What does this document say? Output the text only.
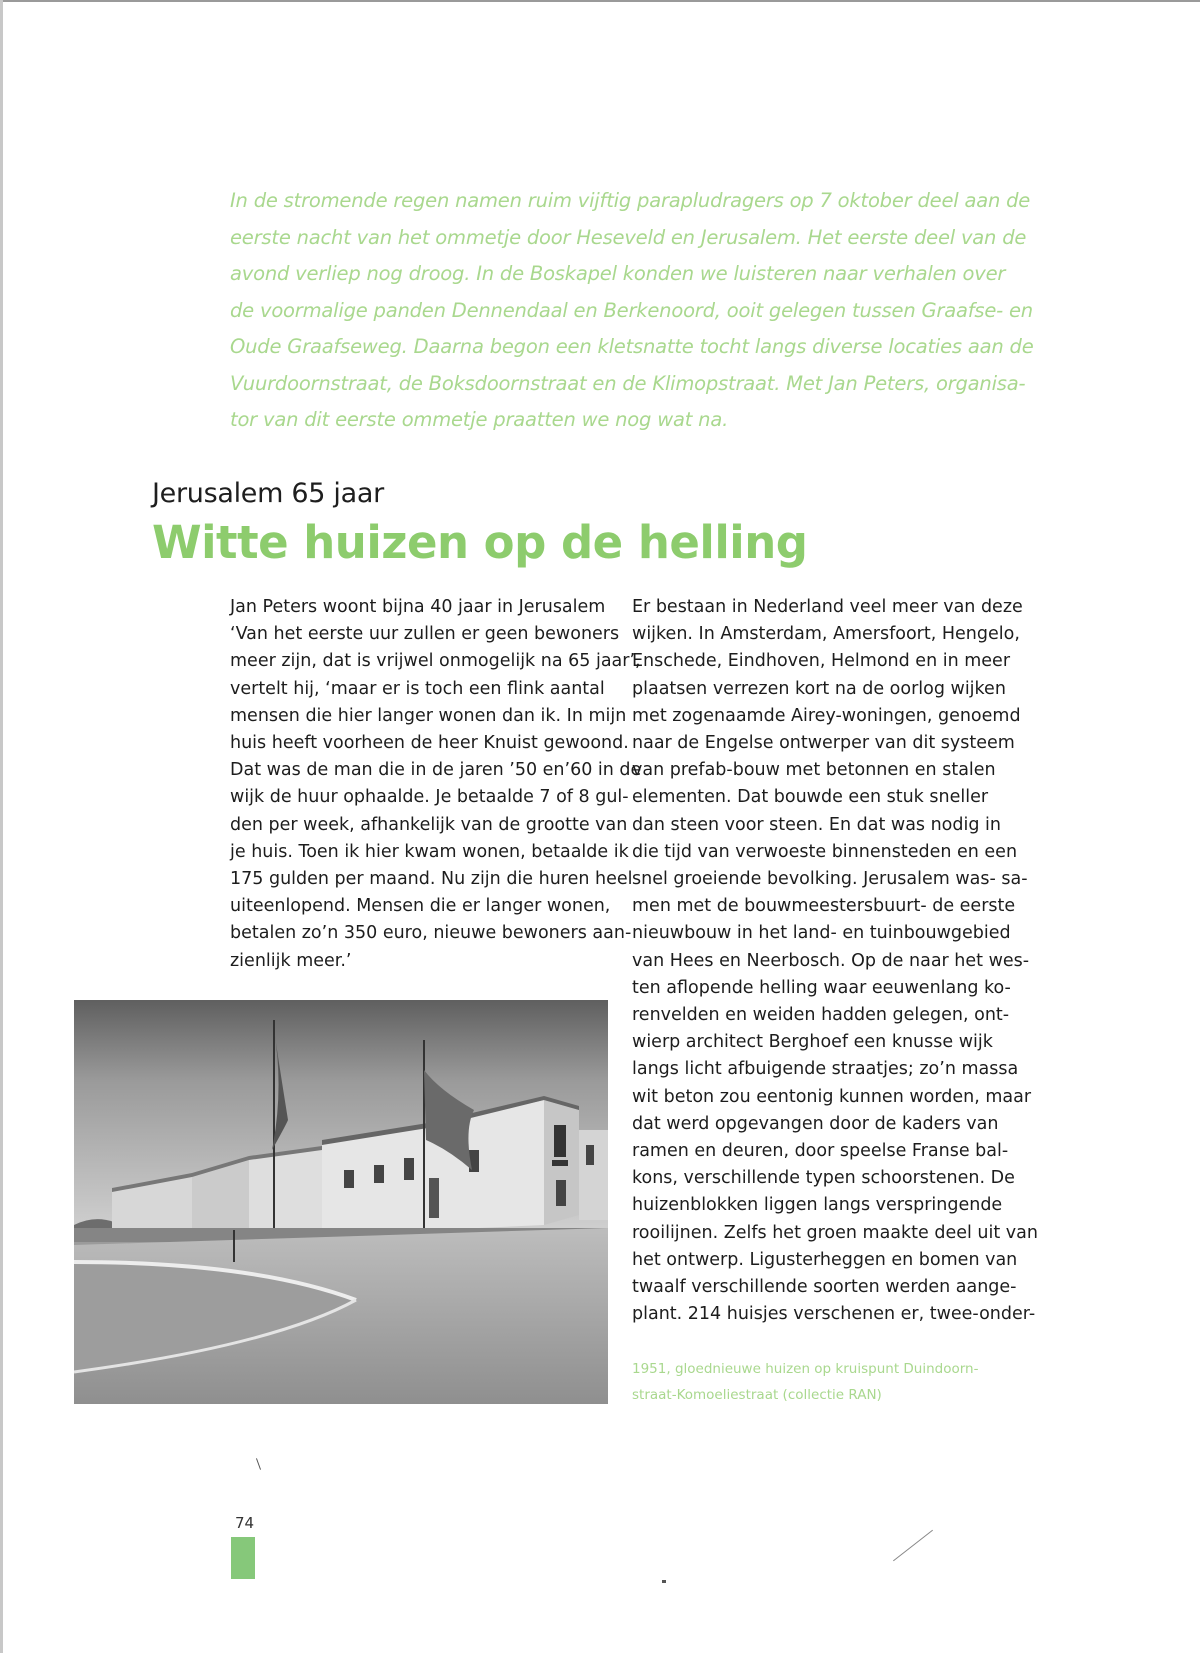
In de stromende regen namen ruim vijftig parapludragers op 7 oktober deel aan de
eerste nacht van het ommetje door Heseveld en Jerusalem. Het eerste deel van de
avond verliep nog droog. In de Boskapel konden we luisteren naar verhalen over
de voormalige panden Dennendaal en Berkenoord, ooit gelegen tussen Graafse- en
Oude Graafseweg. Daarna begon een kletsnatte tocht langs diverse locaties aan de
Vuurdoornstraat, de Boksdoornstraat en de Klimopstraat. Met Jan Peters, organisa-
tor van dit eerste ommetje praatten we nog wat na.
Jerusalem 65 jaar
Witte huizen op de helling
Jan Peters woont bijna 40 jaar in Jerusalem
‘Van het eerste uur zullen er geen bewoners
meer zijn, dat is vrijwel onmogelijk na 65 jaar’,
vertelt hij, ‘maar er is toch een flink aantal
mensen die hier langer wonen dan ik. In mijn
huis heeft voorheen de heer Knuist gewoond.
Dat was de man die in de jaren ’50 en’60 in de
wijk de huur ophaalde. Je betaalde 7 of 8 gul-
den per week, afhankelijk van de grootte van
je huis. Toen ik hier kwam wonen, betaalde ik
175 gulden per maand. Nu zijn die huren heel
uiteenlopend. Mensen die er langer wonen,
betalen zo’n 350 euro, nieuwe bewoners aan-
zienlijk meer.’
Er bestaan in Nederland veel meer van deze
wijken. In Amsterdam, Amersfoort, Hengelo,
Enschede, Eindhoven, Helmond en in meer
plaatsen verrezen kort na de oorlog wijken
met zogenaamde Airey-woningen, genoemd
naar de Engelse ontwerper van dit systeem
van prefab-bouw met betonnen en stalen
elementen. Dat bouwde een stuk sneller
dan steen voor steen. En dat was nodig in
die tijd van verwoeste binnensteden en een
snel groeiende bevolking. Jerusalem was- sa-
men met de bouwmeestersbuurt- de eerste
nieuwbouw in het land- en tuinbouwgebied
van Hees en Neerbosch. Op de naar het wes-
ten aflopende helling waar eeuwenlang ko-
renvelden en weiden hadden gelegen, ont-
wierp architect Berghoef een knusse wijk
langs licht afbuigende straatjes; zo’n massa
wit beton zou eentonig kunnen worden, maar
dat werd opgevangen door de kaders van
ramen en deuren, door speelse Franse bal-
kons, verschillende typen schoorstenen. De
huizenblokken liggen langs verspringende
rooilijnen. Zelfs het groen maakte deel uit van
het ontwerp. Ligusterheggen en bomen van
twaalf verschillende soorten werden aange-
plant. 214 huisjes verschenen er, twee-onder-
1951, gloednieuwe huizen op kruispunt Duindoorn-
straat-Komoeliestraat (collectie RAN)
74
